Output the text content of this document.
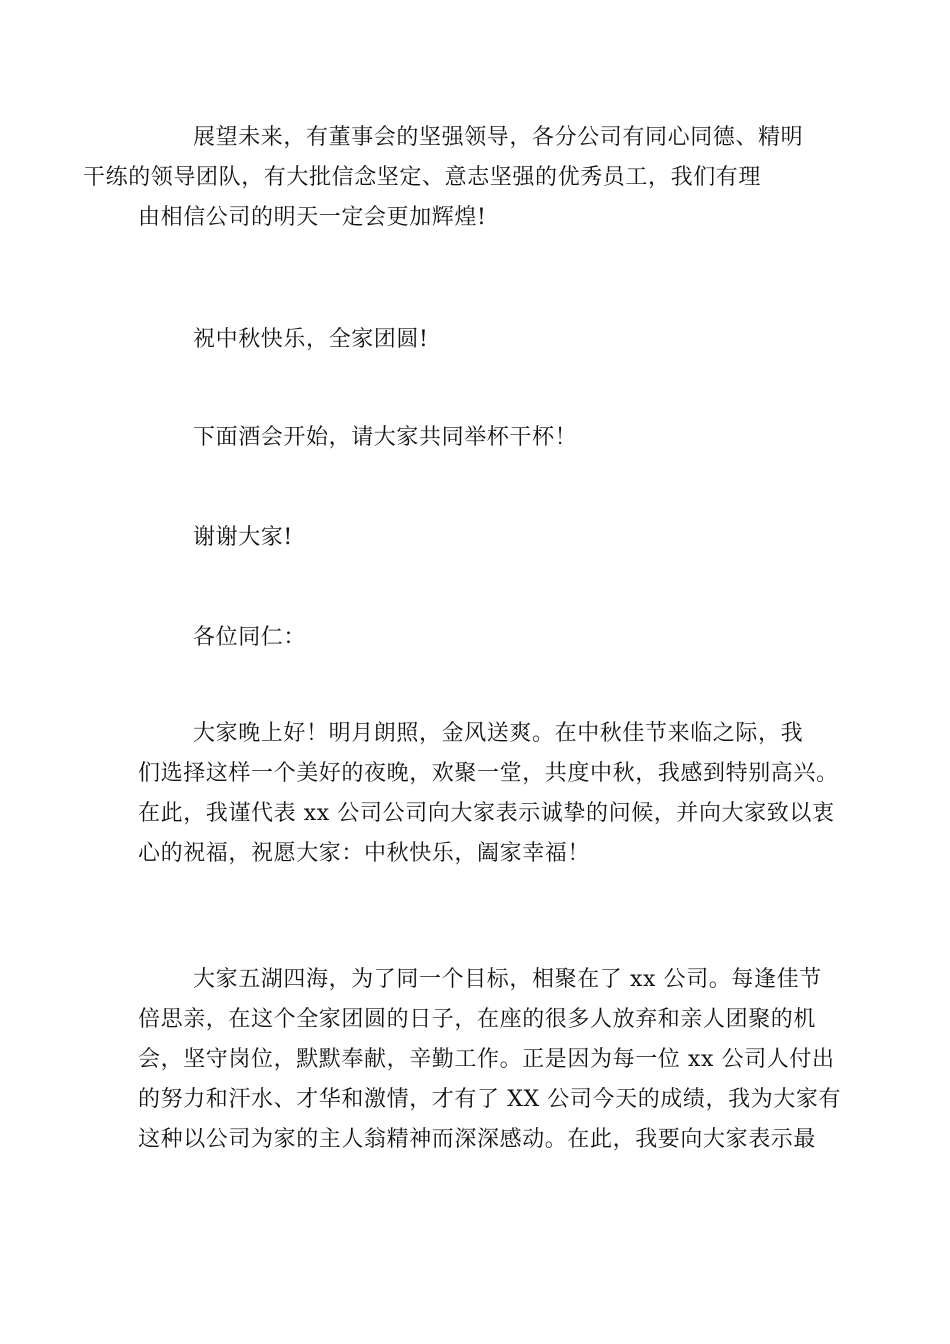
展望未来，有董事会的坚强领导，各分公司有同心同德、精明
干练的领导团队，有大批信念坚定、意志坚强的优秀员工，我们有理
由相信公司的明天一定会更加辉煌!

祝中秋快乐，全家团圆!

下面酒会开始，请大家共同举杯干杯！

谢谢大家!

各位同仁：

大家晚上好！明月朗照，金风送爽。在中秋佳节来临之际，我
们选择这样一个美好的夜晚，欢聚一堂，共度中秋，我感到特别高兴。
在此，我谨代表 xx 公司公司向大家表示诚挚的问候，并向大家致以衷
心的祝福，祝愿大家：中秋快乐，阖家幸福！

大家五湖四海，为了同一个目标，相聚在了 xx 公司。每逢佳节
倍思亲，在这个全家团圆的日子，在座的很多人放弃和亲人团聚的机
会，坚守岗位，默默奉献，辛勤工作。正是因为每一位 xx 公司人付出
的努力和汗水、才华和激情，才有了 XX 公司今天的成绩，我为大家有
这种以公司为家的主人翁精神而深深感动。在此，我要向大家表示最
